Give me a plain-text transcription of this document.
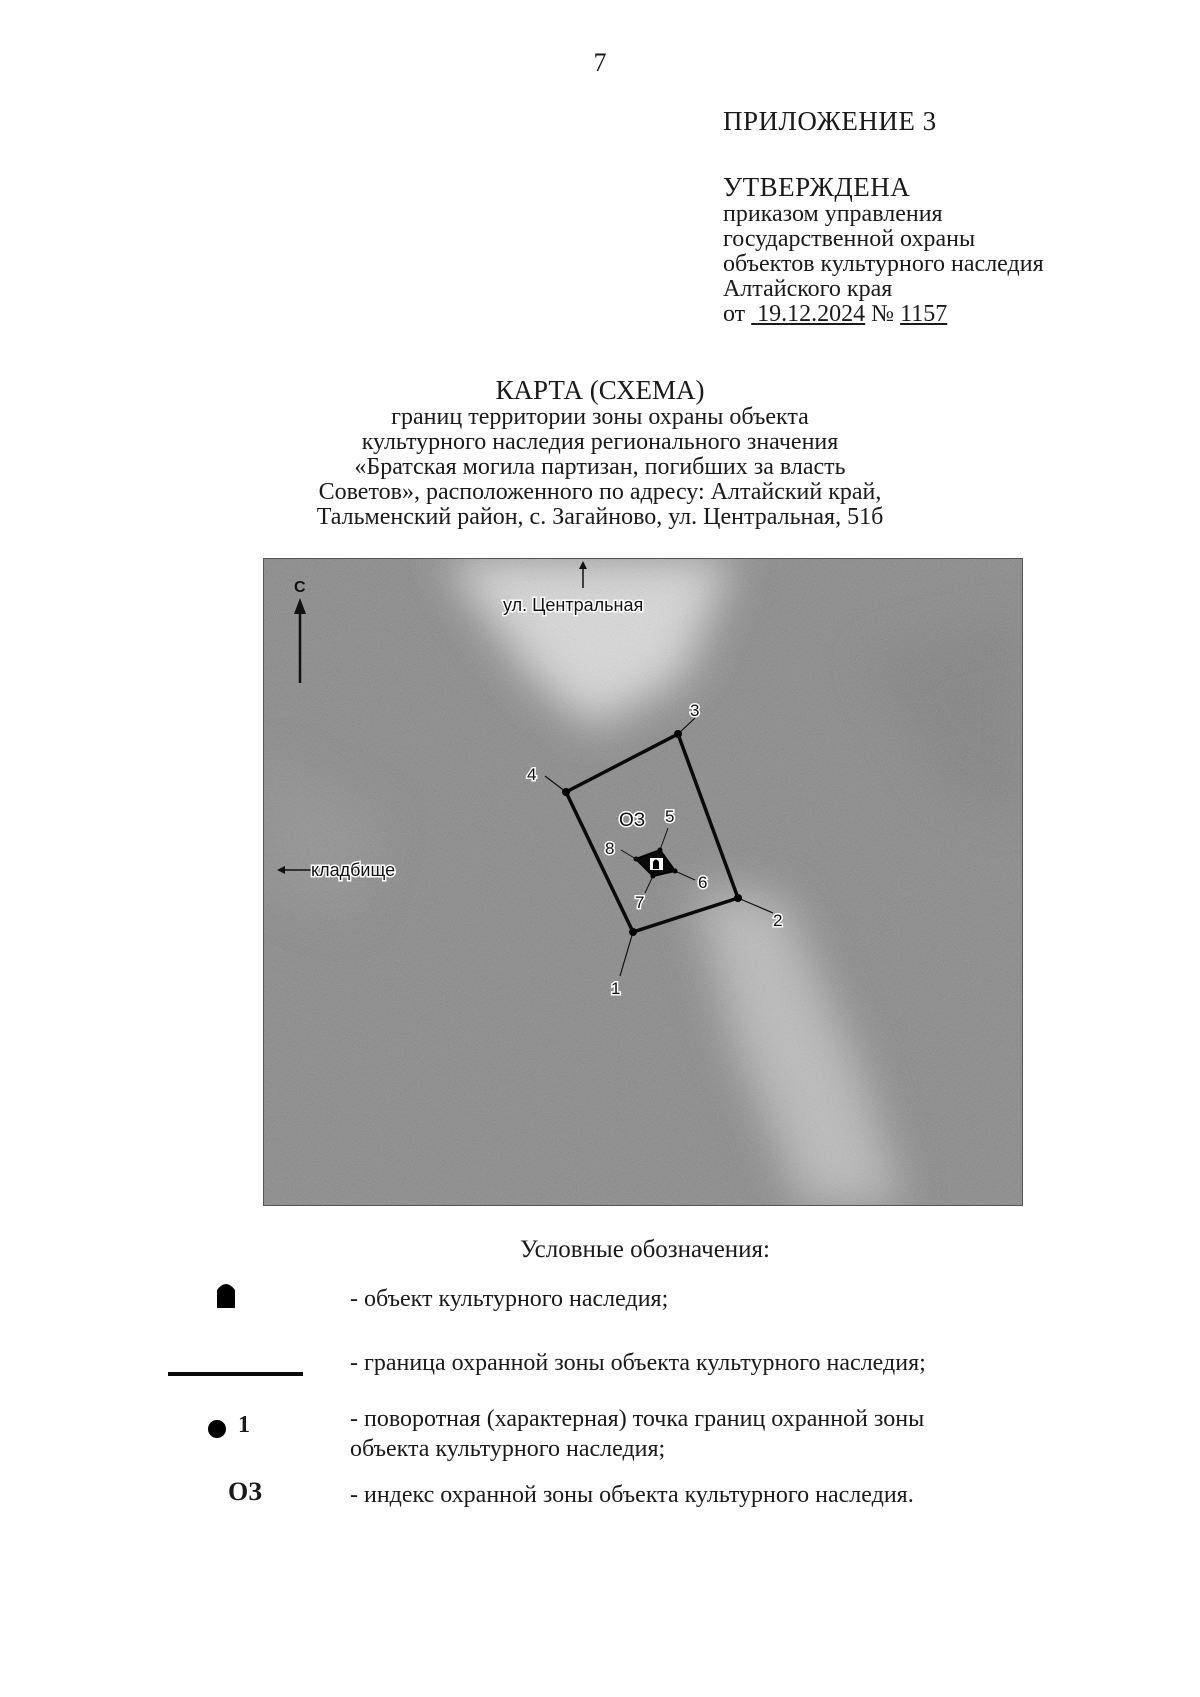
7
ПРИЛОЖЕНИЕ 3
УТВЕРЖДЕНА
приказом управления
государственной охраны
объектов культурного наследия
Алтайского края
от 19.12.2024 № 1157
КАРТА (СХЕМА)
границ территории зоны охраны объекта
культурного наследия регионального значения
«Братская могила партизан, погибших за власть
Советов», расположенного по адресу: Алтайский край,
Тальменский район, с. Загайново, ул. Центральная, 51б
С
ул. Центральная
кладбище
1
2
3
4
5
6
7
8
ОЗ
Условные обозначения:
- объект культурного наследия;
- граница охранной зоны объекта культурного наследия;
1	- поворотная (характерная) точка границ охранной зоны
объекта культурного наследия;
ОЗ	- индекс охранной зоны объекта культурного наследия.
